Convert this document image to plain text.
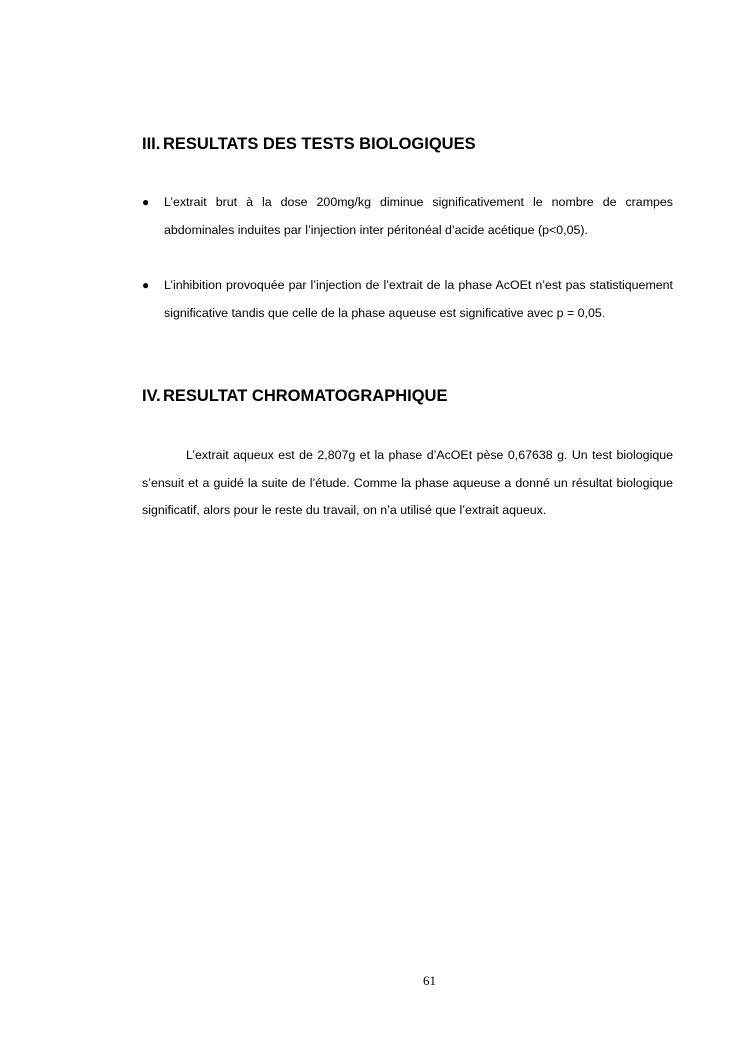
III. RESULTATS DES TESTS BIOLOGIQUES
●	L’extrait brut à la dose 200mg/kg diminue significativement le nombre de crampes abdominales induites par l’injection inter péritonéal d’acide acétique (p<0,05).
●	L’inhibition provoquée par l’injection de l’extrait de la phase AcOEt n’est pas statistiquement significative tandis que celle de la phase aqueuse est significative avec p = 0,05.
IV. RESULTAT CHROMATOGRAPHIQUE
L’extrait aqueux est de 2,807g et la phase d’AcOEt pèse 0,67638 g. Un test biologique s’ensuit et a guidé la suite de l’étude. Comme la phase aqueuse a donné un résultat biologique significatif, alors pour le reste du travail, on n’a utilisé que l’extrait aqueux.
61
